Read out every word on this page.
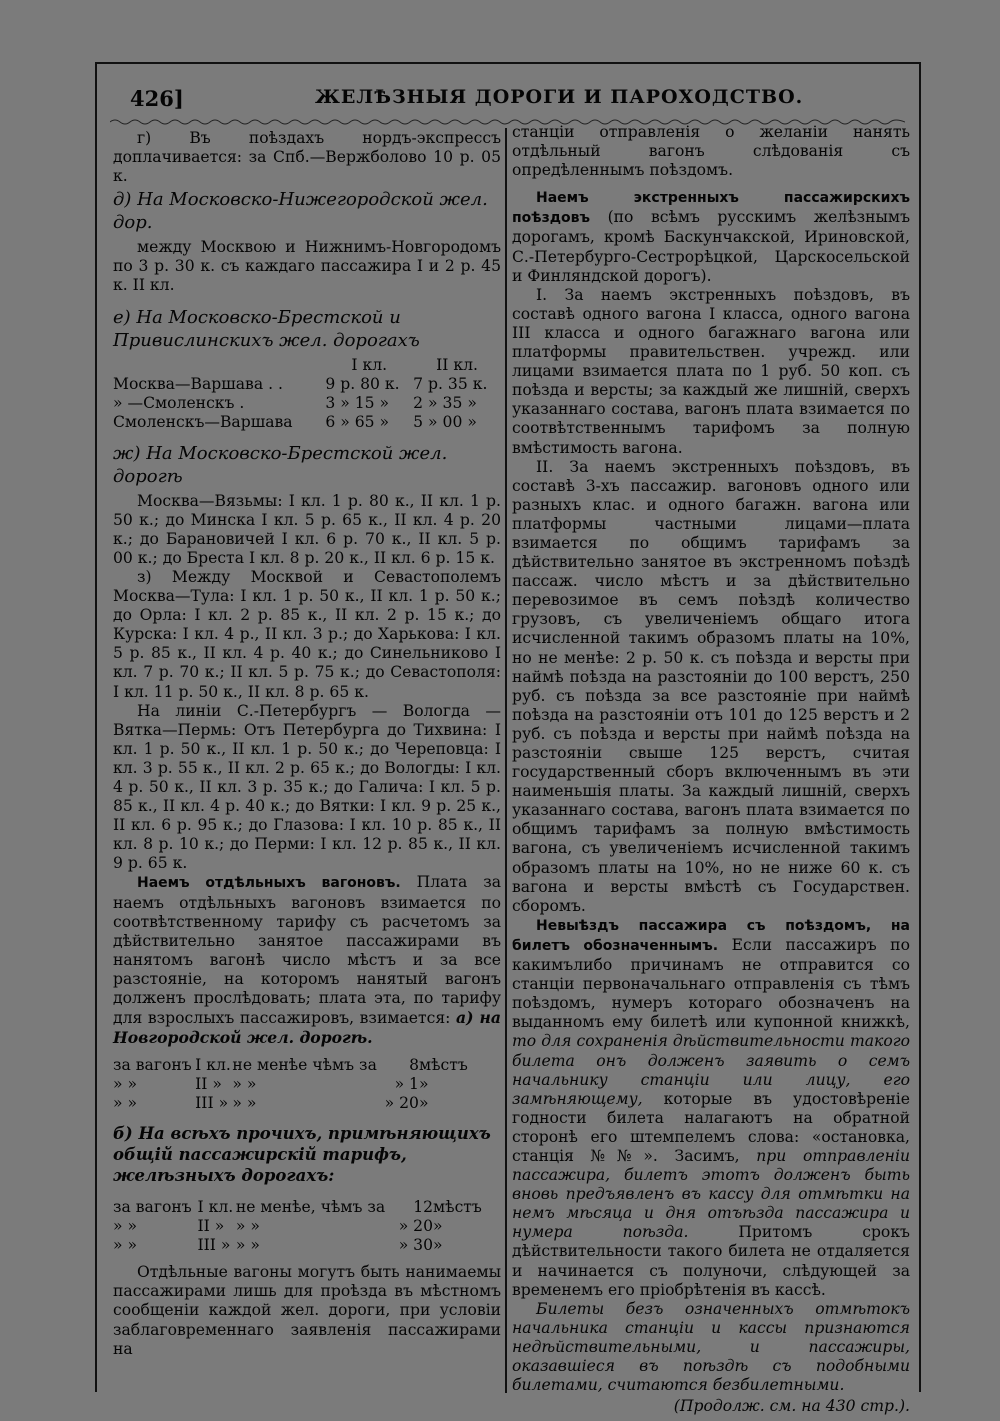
426]	ЖЕЛѢЗНЫЯ ДОРОГИ И ПАРОХОДСТВО.

г) Въ поѣздахъ нордъ-экспрессъ доплачивается: за Спб.—Вержболово 10 р. 05 к.

д) На Московско-Нижегородской жел. дор.

между Москвою и Нижнимъ-Новгородомъ по 3 р. 30 к. съ каждаго пассажира I и 2 р. 45 к. II кл.

е) На Московско-Брестской и Привислинскихъ жел. дорогахъ
	I кл.	II кл.
Москва—Варшава . .	9 р. 80 к.	7 р. 35 к.
» —Смоленскъ .	3 » 15 »	2 » 35 »
Смоленскъ—Варшава	6 » 65 »	5 » 00 »
ж) На Московско-Брестской жел. дорогѣ

Москва—Вязьмы: I кл. 1 р. 80 к., II кл. 1 р. 50 к.; до Минска I кл. 5 р. 65 к., II кл. 4 р. 20 к.; до Барановичей I кл. 6 р. 70 к., II кл. 5 р. 00 к.; до Бреста I кл. 8 р. 20 к., II кл. 6 р. 15 к.

з) Между Москвой и Севастополемъ Москва—Тула: I кл. 1 р. 50 к., II кл. 1 р. 50 к.; до Орла: I кл. 2 р. 85 к., II кл. 2 р. 15 к.; до Курска: I кл. 4 р., II кл. 3 р.; до Харькова: I кл. 5 р. 85 к., II кл. 4 р. 40 к.; до Синельниково I кл. 7 р. 70 к.; II кл. 5 р. 75 к.; до Севастополя: I кл. 11 р. 50 к., II кл. 8 р. 65 к.

На линіи С.-Петербургъ — Вологда — Вятка—Пермь: Отъ Петербурга до Тихвина: I кл. 1 р. 50 к., II кл. 1 р. 50 к.; до Череповца: I кл. 3 р. 55 к., II кл. 2 р. 65 к.; до Вологды: I кл. 4 р. 50 к., II кл. 3 р. 35 к.; до Галича: I кл. 5 р. 85 к., II кл. 4 р. 40 к.; до Вятки: I кл. 9 р. 25 к., II кл. 6 р. 95 к.; до Глазова: I кл. 10 р. 85 к., II кл. 8 р. 10 к.; до Перми: I кл. 12 р. 85 к., II кл. 9 р. 65 к.

Наемъ отдѣльныхъ вагоновъ. Плата за наемъ отдѣльныхъ вагоновъ взимается по соотвѣтственному тарифу съ расчетомъ за дѣйствительно занятое пассажирами въ нанятомъ вагонѣ число мѣстъ и за все разстояніе, на которомъ нанятый вагонъ долженъ прослѣдовать; плата эта, по тарифу для взрослыхъ пассажировъ, взимается: а) на Новгородской жел. дорогѣ.

за вагонъ	I кл.	не менѣе чѣмъ за	8	мѣстъ
» »	II »	» »	» 1	»
» »	III »	» »	» 20	»
б) На всѣхъ прочихъ, примѣняющихъ общій пассажирскій тарифъ, желѣзныхъ дорогахъ:
за вагонъ	I кл.	не менѣе, чѣмъ за	12	мѣстъ
» »	II »	» »	» 20	»
» »	III »	» »	» 30	»

Отдѣльные вагоны могутъ быть нанимаемы пассажирами лишь для проѣзда въ мѣстномъ сообщеніи каждой жел. дороги, при условіи заблаговременнаго заявленія пассажирами на

станціи отправленія о желаніи нанять отдѣльный вагонъ слѣдованія съ опредѣленнымъ поѣздомъ.

Наемъ экстренныхъ пассажирскихъ поѣздовъ (по всѣмъ русскимъ желѣзнымъ дорогамъ, кромѣ Баскунчакской, Ириновской, С.-Петербурго-Сестрорѣцкой, Царскосельской и Финляндской дорогъ).

I. За наемъ экстренныхъ поѣздовъ, въ составѣ одного вагона I класса, одного вагона III класса и одного багажнаго вагона или платформы правительствен. учрежд. или лицами взимается плата по 1 руб. 50 коп. съ поѣзда и версты; за каждый же лишній, сверхъ указаннаго состава, вагонъ плата взимается по соотвѣтственнымъ тарифомъ за полную вмѣстимость вагона.

II. За наемъ экстренныхъ поѣздовъ, въ составѣ 3-хъ пассажир. вагоновъ одного или разныхъ клас. и одного багажн. вагона или платформы частными лицами—плата взимается по общимъ тарифамъ за дѣйствительно занятое въ экстренномъ поѣздѣ пассаж. число мѣстъ и за дѣйствительно перевозимое въ семъ поѣздѣ количество грузовъ, съ увеличеніемъ общаго итога исчисленной такимъ образомъ платы на 10%, но не менѣе: 2 р. 50 к. съ поѣзда и версты при наймѣ поѣзда на разстояніи до 100 верстъ, 250 руб. съ поѣзда за все разстояніе при наймѣ поѣзда на разстояніи отъ 101 до 125 верстъ и 2 руб. съ поѣзда и версты при наймѣ поѣзда на разстояніи свыше 125 верстъ, считая государственный сборъ включеннымъ въ эти наименьшія платы. За каждый лишній, сверхъ указаннаго состава, вагонъ плата взимается по общимъ тарифамъ за полную вмѣстимость вагона, съ увеличеніемъ исчисленной такимъ образомъ платы на 10%, но не ниже 60 к. съ вагона и версты вмѣстѣ съ Государствен. сборомъ.

Невыѣздъ пассажира съ поѣздомъ, на билетъ обозначеннымъ. Если пассажиръ по какимълибо причинамъ не отправится со станціи первоначальнаго отправленія съ тѣмъ поѣздомъ, нумеръ котораго обозначенъ на выданномъ ему билетѣ или купонной книжкѣ, то для сохраненія дѣйствительности такого билета онъ долженъ заявить о семъ начальнику станціи или лицу, его замѣняющему, которые въ удостовѣреніе годности билета налагаютъ на обратной сторонѣ его штемпелемъ слова: «остановка, станція №№». Засимъ, при отправленіи пассажира, билетъ этотъ долженъ быть вновь предъявленъ въ кассу для отмѣтки на немъ мѣсяца и дня отъѣзда пассажира и нумера поѣзда.	Притомъ срокъ дѣйствительности такого билета не отдаляется и начинается съ полуночи, слѣдующей за временемъ его пріобрѣтенія въ кассѣ.

Билеты безъ означенныхъ отмѣтокъ начальника станціи и кассы признаются недѣйствительными, и пассажиры, оказавшіеся въ поѣздѣ съ подобными билетами, считаются безбилетными.

(Продолж. см. на 430 стр.).
